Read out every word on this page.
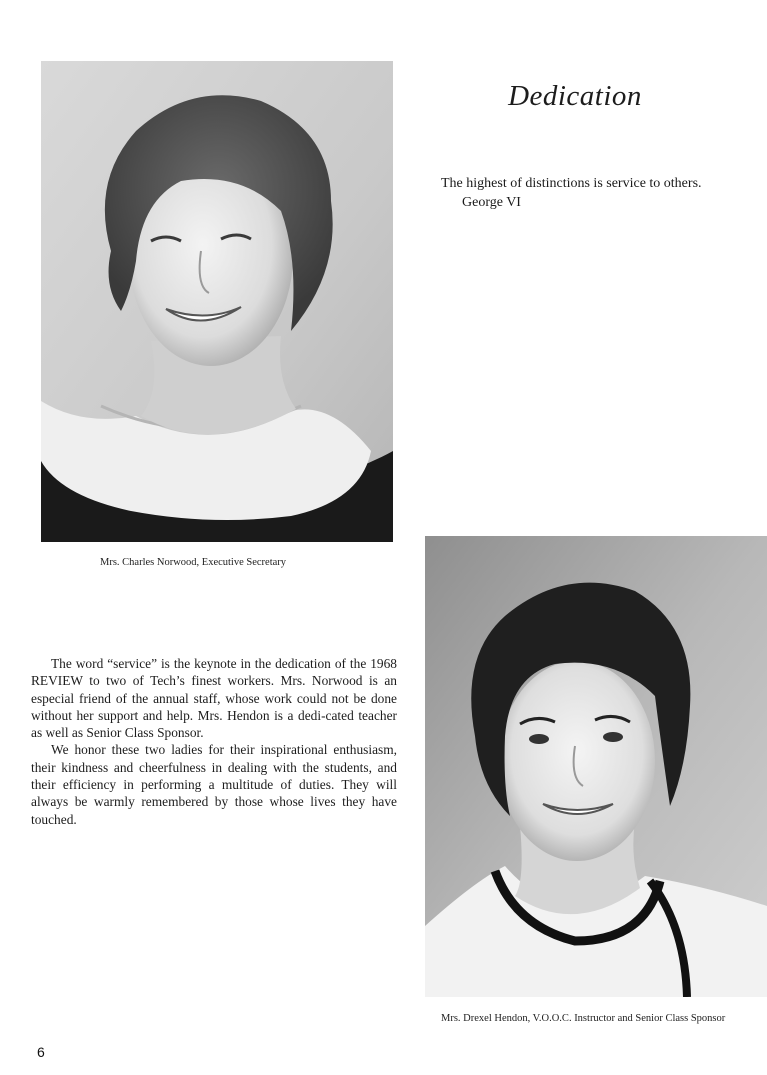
Dedication
The highest of distinctions is service to others.
George VI
Mrs. Charles Norwood, Executive Secretary

The word “service” is the keynote in the dedication of the 1968 REVIEW to two of Tech’s finest workers. Mrs. Norwood is an especial friend of the annual staff, whose work could not be done without her support and help. Mrs. Hendon is a dedi-cated teacher as well as Senior Class Sponsor.

We honor these two ladies for their inspirational enthusiasm, their kindness and cheerfulness in dealing with the students, and their efficiency in performing a multitude of duties. They will always be warmly remembered by those whose lives they have touched.

Mrs. Drexel Hendon, V.O.O.C. Instructor and Senior Class Sponsor
6
